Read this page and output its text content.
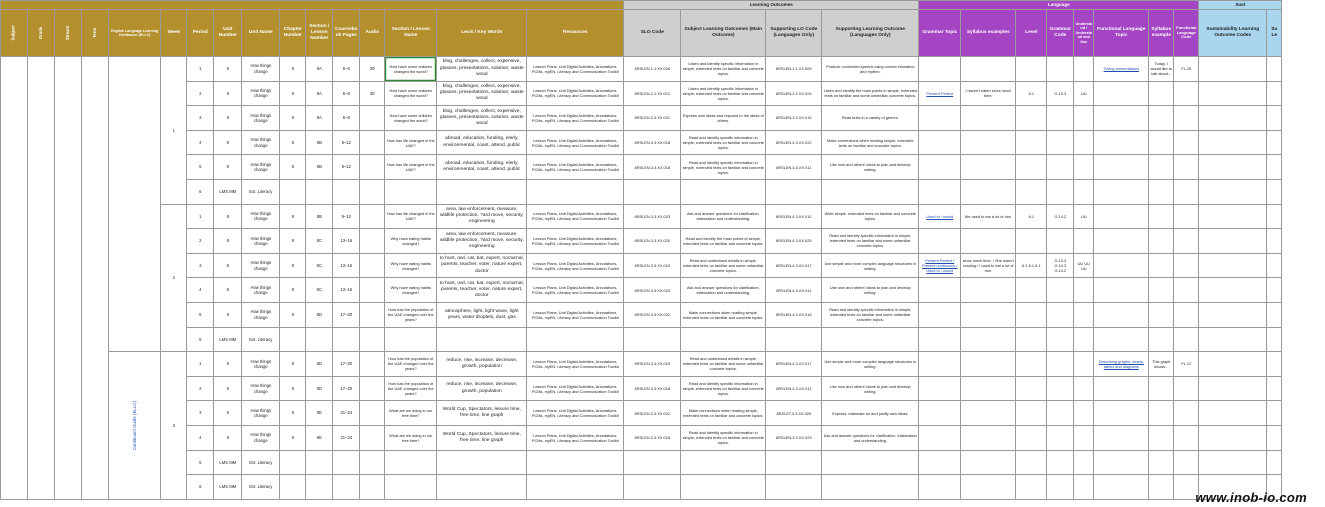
																Learning Outcomes				Language								Sust	
Subject	Grade	Stream	Term	English Language Learning Continuum (ELLC)	Week	Period	Unit Number	Unit Name	Chapter Number	Section / Lesson Number	Coursebook Pages	Audio	Section / Lesson Name	Lexis / Key Words	Resources	SLO Code	Subject Learning Outcomes (Main Outcome)	Supporting LO Code (Languages Only)	Supporting Learning Outcome (Languages Only)	Grammar Topic	Syllabus examples	Level	Grammar Code	Understand / Understand and Use	Functional Language Topic	Syllabus example	Functional Language Code	Sustainability Learning Outcome Codes	Su Le
					1	1	8	How things change	8	8A	5–8	29	How have some children changed the world?	blog, challenges, collect, expensive, glasses, presentations, solution, waste wood	Lesson Plans, Unit Digital Activities, Annotations, PCMs, myEN, Literacy and Communication Toolkit	8RSLEN.1.1.XX.026	Listen and identify specific information in simple, extended texts on familiar and concrete topics.	8RSLEN.1.1.XX.009	Produce connected speech using correct intonation and rhythm.						Giving presentations	Today, I would like to talk about...	FL.25		
						2	8	How things change	8	8A	5–8	30	How have some children changed the world?	blog, challenges, collect, expensive, glasses, presentations, solution, waste wood	Lesson Plans, Unit Digital Activities, Annotations, PCMs, myEN, Literacy and Communication Toolkit	8RSLEN.2.1.XX.012	Listen and identify specific information in simple, extended texts on familiar and concrete topics.	8RSLEN.2.1.XX.024	Listen and identify the main points in simple, extended texts on familiar and some unfamiliar concrete topics.	Present Perfect	I haven't eaten since lunch time.	6.1	G.13.3	UU					
						3	8	How things change	8	8A	5–8		How have some children changed the world?	blog, challenges, collect, expensive, glasses, presentations, solution, waste wood	Lesson Plans, Unit Digital Activities, Annotations, PCMs, myEN, Literacy and Communication Toolkit	8RSLEN.3.3.XX.021	Express own ideas and respond to the ideas of others.	8RSLEN.3.2.XX.015	Read texts in a variety of genres.										
						4	8	How things change	8	8B	9–12		How has life changed in the UAE?	abroad, education, funding, elerly, environmental, coast, attend, public	Lesson Plans, Unit Digital Activities, Annotations, PCMs, myEN, Literacy and Communication Toolkit	8RSLEN.3.3.XX.018	Read and identify specific information in simple, extended texts on familiar and concrete topics.	8RSLEN.4.3.XX.022	Make connections when reading simple, extended texts on familiar and concrete topics.										
						5	8	How things change	8	8B	9–12		How has life changed in the UAE?	abroad, education, funding, elerly, environmental, coast, attend, public	Lesson Plans, Unit Digital Activities, Annotations, PCMs, myEN, Literacy and Communication Toolkit	8RSLEN.3.3.XX.018	Read and identify specific information in simple, extended texts on familiar and concrete topics.	8RSLEN.4.3.XX.011	Use own and others' ideas to plan and develop writing.										
						6	LMS MM	Ext. Literacy																					
					2	1	8	How things change	8	8B	9–12		How has life changed in the UAE?	area, law enforcement, measure, wildlife protection, ?ard move, security, engineering	Lesson Plans, Unit Digital Activities, Annotations, PCMs, myEN, Literacy and Communication Toolkit	8RSLEN.3.3.XX.023	Ask and answer questions for clarification, elaboration and understanding.	8RSLEN.4.3.XX.010	Write simple, extended texts on familiar and concrete topics.	Used to / would	We used to eat a lot of rice.	6.1	G.14.2	UU					
						2	8	How things change	8	8C	13–16		Why have eating habits changed?	area, law enforcement, measure, wildlife protection, ?ard move, security, engineering	Lesson Plans, Unit Digital Activities, Annotations, PCMs, myEN, Literacy and Communication Toolkit	8RSLEN.3.3.XX.020	Read and identify the main points of simple, extended texts on familiar and concrete topics.	8RSLEN.4.3.XX.025	Read and identify specific information in simple, extended texts on familiar and some unfamiliar concrete topics.										
						3	8	How things change	8	8C	13–16		Why have eating habits changed?	to hunt, owl, cat, bat, expert, nocturnal, parents, teacher, voter, nature expert, doctor	Lesson Plans, Unit Digital Activities, Annotations, PCMs, myEN, Literacy and Communication Toolkit	8RSLEN.3.3.XX.019	Read and understand details in simple, extended texts on familiar and some unfamiliar concrete topics.	8RSLEN.4.3.XX.017	Use simple and more complex language structures in writing.	Present Perfect / Present continuous / Used to / would	since lunch time. / She wasn't reading / I used to eat a lot of rice.	6.1 6.1 6.1	G.13.3 G.14.3 G.14.2	UU UU UU					
						4	8	How things change	8	8C	13–16		Why have eating habits changed?	to hunt, owl, cat, bat, expert, nocturnal, parents, teacher, voter, nature expert, doctor	Lesson Plans, Unit Digital Activities, Annotations, PCMs, myEN, Literacy and Communication Toolkit	8RSLEN.3.3.XX.023	Ask and answer questions for clarification, elaboration and understanding.	8RSLEN.4.3.XX.011	Use own and others' ideas to plan and develop writing.										
						5	8	How things change	8	8D	17–20		How has the population of the UAE changed over the years?	atmosphere, light, light wave, light years, water droplets, dust, gas	Lesson Plans, Unit Digital Activities, Annotations, PCMs, myEN, Literacy and Communication Toolkit	8RSLEN.3.3.XX.022	Make connections when reading simple, extended texts on familiar and concrete topics.	8RSLEN.4.3.XX.018	Read and identify specific information in simple, extended texts on familiar and some unfamiliar concrete topics.										
						6	LMS MM	Ext. Literacy																					
				Continuum Guide (ELLC)	3	1	8	How things change	8	8D	17–20		How has the population of the UAE changed over the years?	reduce, rise, increase, decrease, growth, population	Lesson Plans, Unit Digital Activities, Annotations, PCMs, myEN, Literacy and Communication Toolkit	8RSLEN.3.3.XX.019	Read and understand details in simple, extended texts on familiar and some unfamiliar concrete topics.	8RSLEN.4.3.XX.017	Use simple and more complex language structures in writing.						Describing graphs, charts, tables and diagrams	This graph shows...	FL.12		
						2	8	How things change	8	8D	17–20		How has the population of the UAE changed over the years?	reduce, rise, increase, decrease, growth, population	Lesson Plans, Unit Digital Activities, Annotations, PCMs, myEN, Literacy and Communication Toolkit	8RSLEN.3.3.XX.018	Read and identify specific information in simple, extended texts on familiar and concrete topics.	8RSLEN.4.3.XX.011	Use own and others' ideas to plan and develop writing.										
						3	8	How things change	8	8E	21–24		What are we doing in our free time?	World Cup, Spectators, leisure time, free time, line graph	Lesson Plans, Unit Digital Activities, Annotations, PCMs, myEN, Literacy and Communication Toolkit	8RSLEN.3.3.XX.022	Make connections when reading simple, extended texts on familiar and concrete topics.	8RSLET.3.3.XX.025	Express, elaborate on and justify own ideas.										
						4	8	How things change	8	8E	21–24		What are we doing in our free time?	World Cup, Spectators, leisure time, free time, line graph	Lesson Plans, Unit Digital Activities, Annotations, PCMs, myEN, Literacy and Communication Toolkit	8RSLEN.3.3.XX.018	Read and identify specific information in simple, extended texts on familiar and concrete topics.	8RSLEN.3.3.XX.023	Ask and answer questions for clarification, elaboration and understanding.										
						5	LMS MM	Ext. Literacy																					
						6	LMS MM	Ext. Literacy																					
www.inob-io.com
